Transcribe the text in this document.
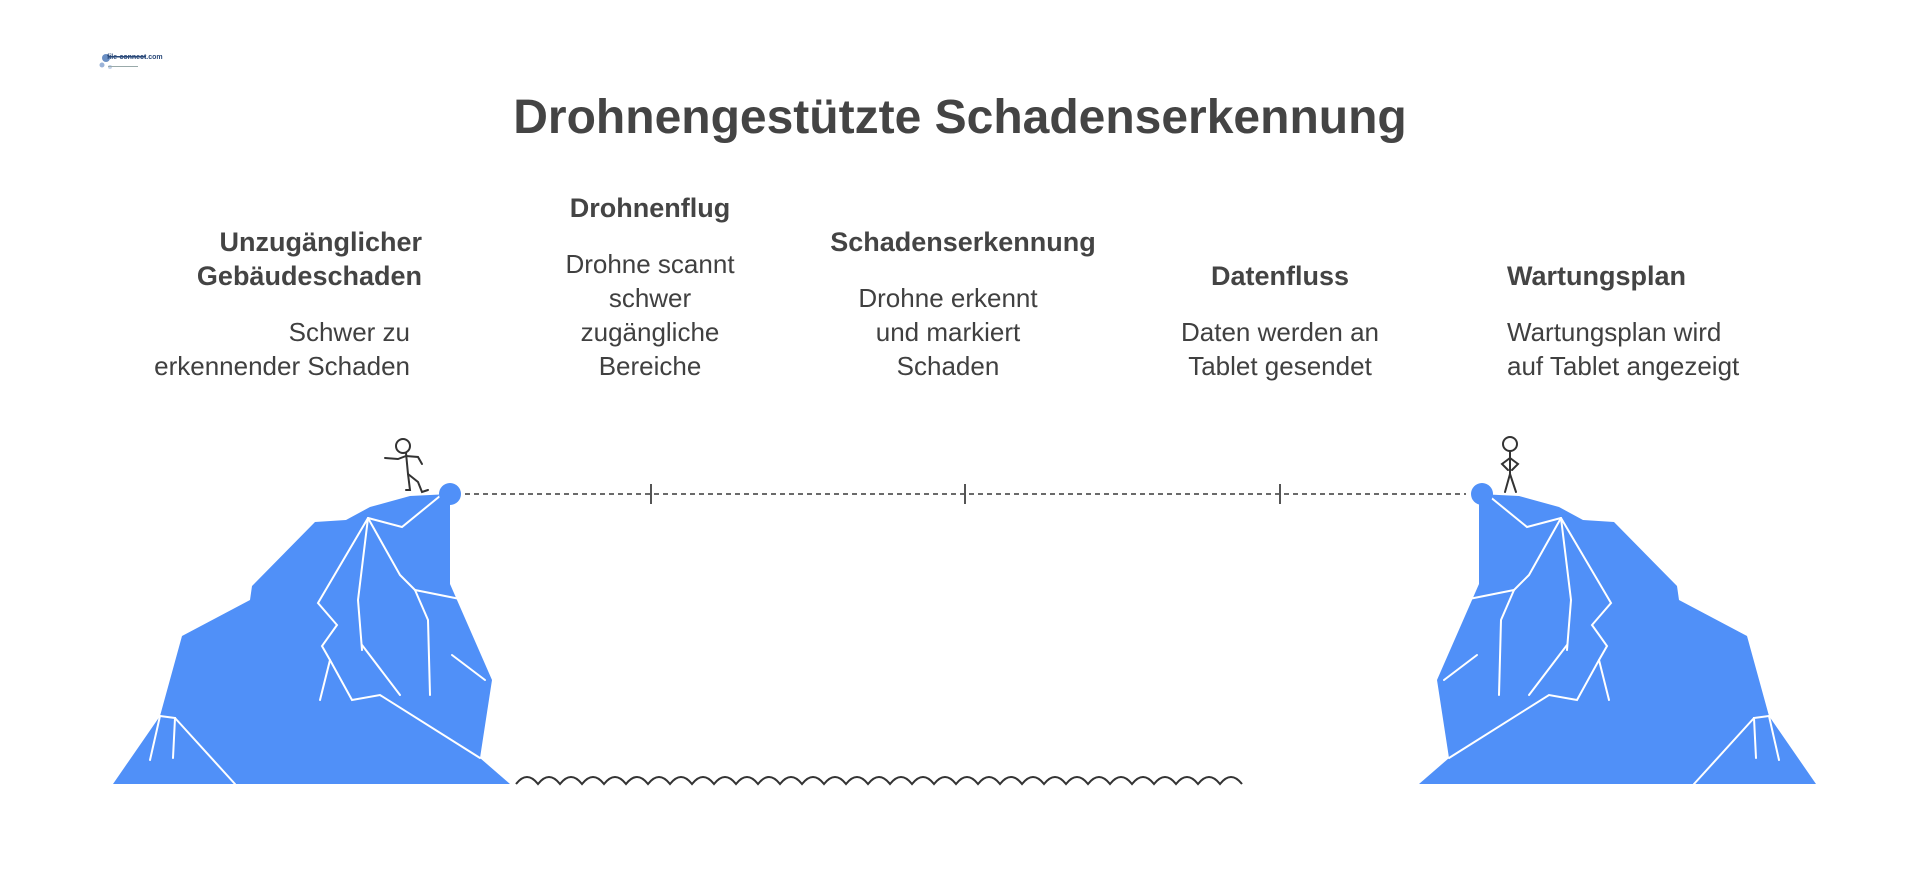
file-connect.com
Drohnengestützte Schadenserkennung
Unzugänglicher
Gebäudeschaden
Schwer zu
erkennender Schaden
Drohnenflug
Drohne scannt
schwer
zugängliche
Bereiche
Schadenserkennung
Drohne erkennt
und markiert
Schaden
Datenfluss
Daten werden an
Tablet gesendet
Wartungsplan
Wartungsplan wird
auf Tablet angezeigt
